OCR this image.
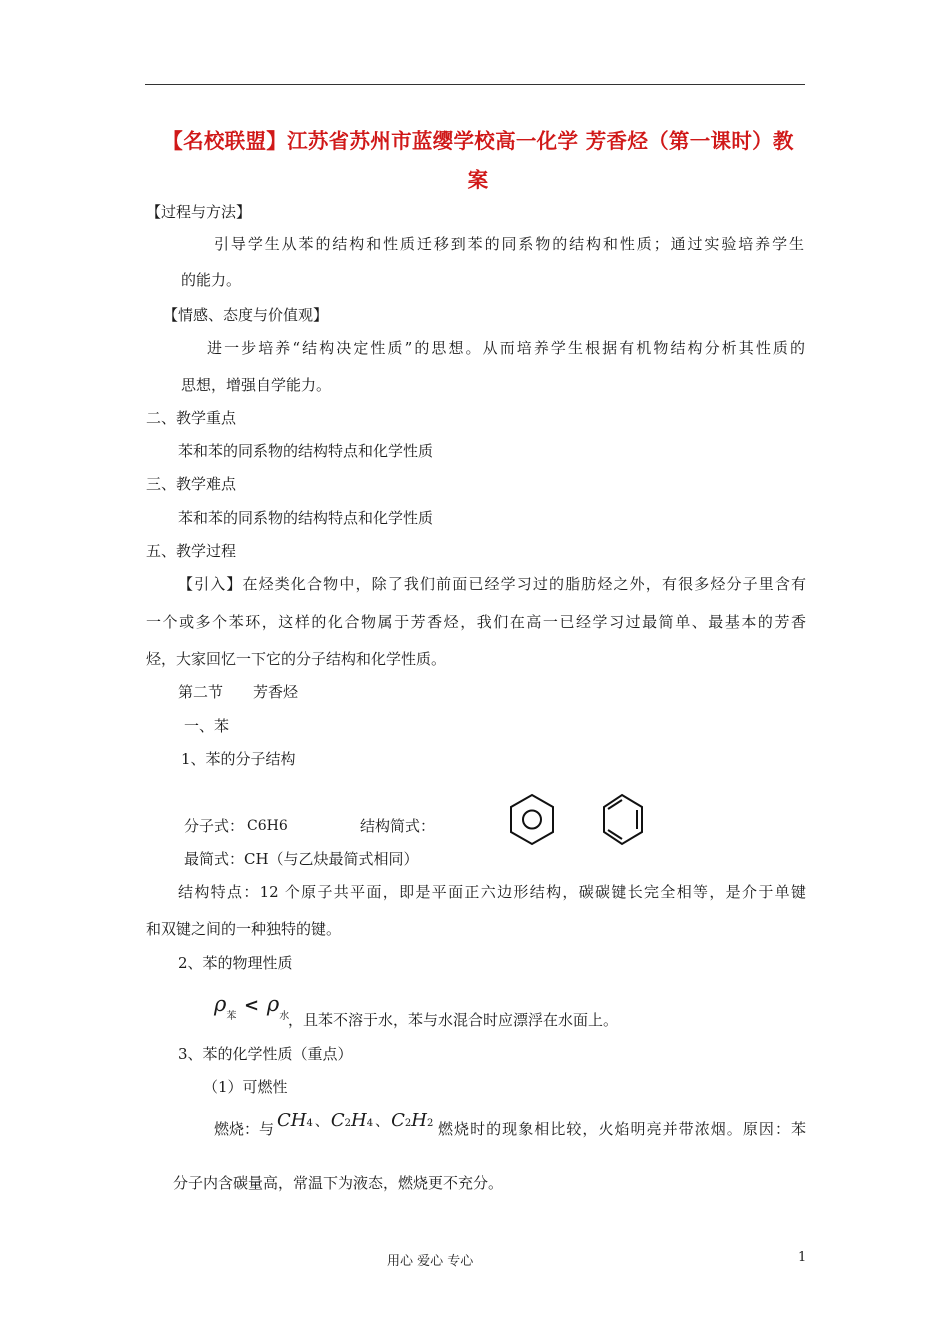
【名校联盟】江苏省苏州市蓝缨学校高一化学 芳香烃（第一课时）教
案
【过程与方法】
引导学生从苯的结构和性质迁移到苯的同系物的结构和性质；通过实验培养学生
的能力。
【情感、态度与价值观】
进一步培养“结构决定性质”的思想。从而培养学生根据有机物结构分析其性质的
思想，增强自学能力。
二、教学重点
苯和苯的同系物的结构特点和化学性质
三、教学难点
苯和苯的同系物的结构特点和化学性质
五、教学过程
【引入】在烃类化合物中，除了我们前面已经学习过的脂肪烃之外，有很多烃分子里含有
一个或多个苯环，这样的化合物属于芳香烃，我们在高一已经学习过最简单、最基本的芳香
烃，大家回忆一下它的分子结构和化学性质。
第二节 芳香烃
一、苯
1、苯的分子结构
分子式： C6H6	结构简式：
最简式：CH（与乙炔最简式相同）
结构特点：12 个原子共平面，即是平面正六边形结构，碳碳键长完全相等，是介于单键
和双键之间的一种独特的键。
2、苯的物理性质
$\rho_苯 < \rho_水$
，且苯不溶于水，苯与水混合时应漂浮在水面上。
3、苯的化学性质（重点）
（1）可燃性
燃烧：与 CH4 、 C2H4 、 C2H2 燃烧时的现象相比较，火焰明亮并带浓烟。原因：苯
分子内含碳量高，常温下为液态，燃烧更不充分。
用心 爱心 专心	1
